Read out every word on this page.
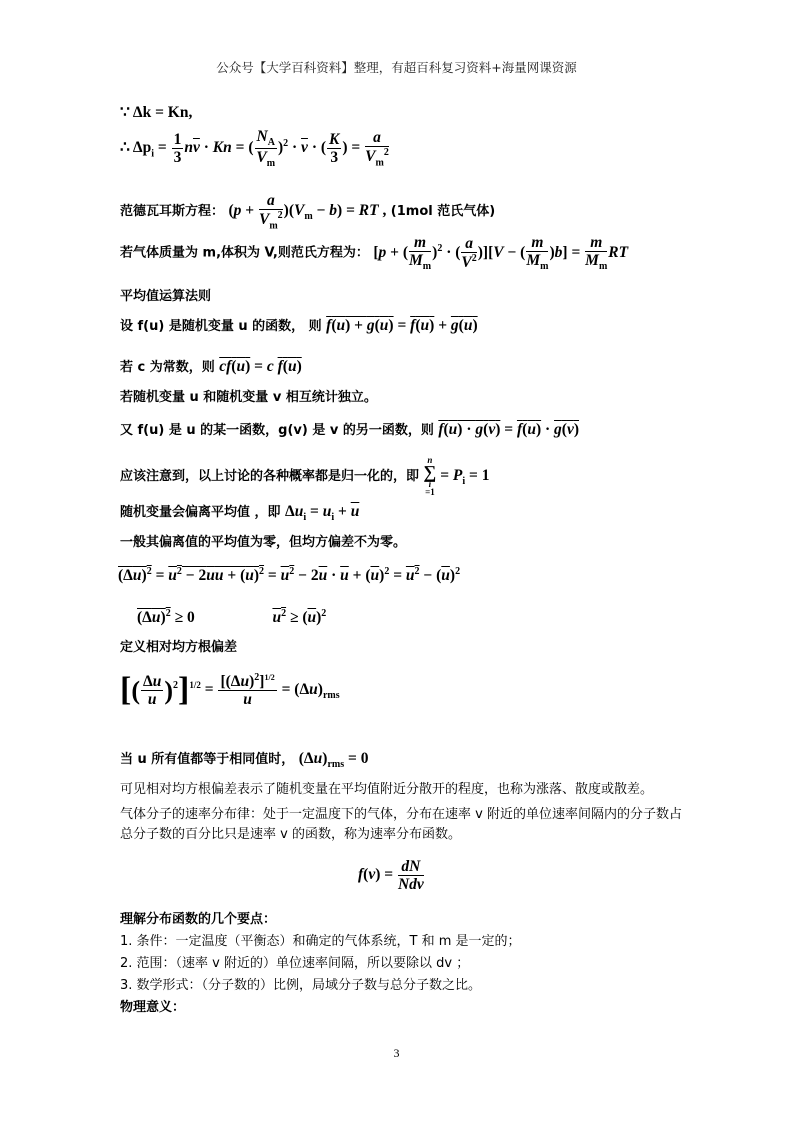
公众号【大学百科资料】整理，有超百科复习资料+海量网课资源
∵ Δk = Kn,
∴ $\Delta p_i = \frac{1}{3} n\overline{v} \cdot Kn$ = ( $\frac{N_A}{V_m} )^2 \cdot \overline{v}$ · ( $\frac{K}{3}$ ) = $\frac{a}{V_m^2}$
范德瓦耳斯方程： $(p + \frac{a}{V_m^2} )(V_m - b)$ = RT , (1mol 范氏气体)
若气体质量为 m,体积为 V,则范氏方程为： [p + ( $\frac{m}{M_m} )^2$ · ( $\frac{a}{V^2} )][V$ − ( $\frac{m}{M_m} )b] = \frac{m}{M_m}$ RT
平均值运算法则
设 f(u) 是随机变量 u 的函数， 则 f(u) + g(u) = f(u) + g(u)
若 c 为常数，则 cf(u) = c f(u)
若随机变量 u 和随机变量 v 相互统计独立。
又 f(u) 是 u 的某一函数，g(v) 是 v 的另一函数，则 f(u) · g(v) = f(u) · g(v)
应该注意到，以上讨论的各种概率都是归一化的，即
n
∑
i
=1
= $P_i = 1$
随机变量会偏离平均值 ，即 $\Delta u_i = u_i + \overline{u}$
一般其偏离值的平均值为零，但均方偏差不为零。
$(\Delta u)^2 = u^2 - 2uu + (u)^2 = u^2 - 2\overline{u} \cdot \overline{u} + (\overline{u})^2 = u^2 - (\overline{u})^2$
$(\Delta u)^2 \ge 0$	$u^2 \ge (\overline{u})^2$
定义相对均方根偏差
[( $\frac{\Delta u}{u} )^2]^{1/2} = \frac{[(\Delta u)^2]^{1/2}}{u} = (\Delta u)_{rms}$
当 u 所有值都等于相同值时， $(\Delta u)_{rms} = 0$
可见相对均方根偏差表示了随机变量在平均值附近分散开的程度，也称为涨落、散度或散差。
气体分子的速率分布律：处于一定温度下的气体，分布在速率 v 附近的单位速率间隔内的分子数占总分子数的百分比只是速率 v 的函数，称为速率分布函数。
$f(v) = \frac{dN}{\text{Ndv}}$
理解分布函数的几个要点：
1. 条件：一定温度（平衡态）和确定的气体系统，T 和 m 是一定的；
2. 范围：（速率 v 附近的）单位速率间隔，所以要除以 dv ；
3. 数学形式：（分子数的）比例，局域分子数与总分子数之比。
物理意义：
3
